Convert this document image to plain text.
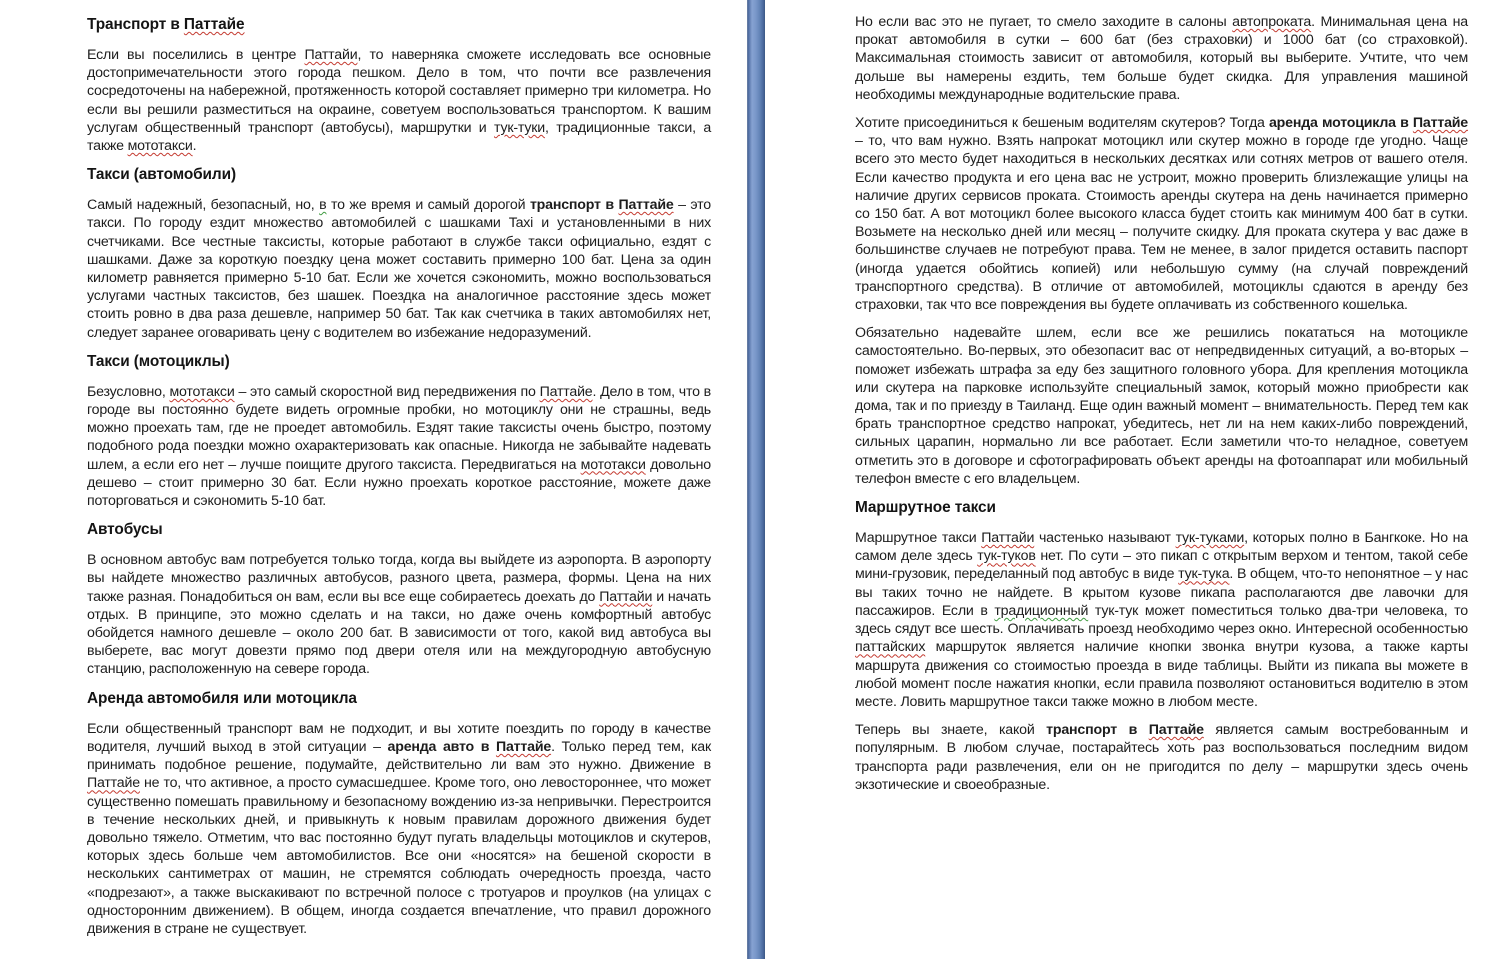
Транспорт в Паттайе

Если вы поселились в центре Паттайи, то наверняка сможете исследовать все основные достопримечательности этого города пешком. Дело в том, что почти все развлечения сосредоточены на набережной, протяженность которой составляет примерно три километра. Но если вы решили разместиться на окраине, советуем воспользоваться транспортом. К вашим услугам общественный транспорт (автобусы), маршрутки и тук-туки, традиционные такси, а также мототакси.

Такси (автомобили)

Самый надежный, безопасный, но, в то же время и самый дорогой транспорт в Паттайе – это такси. По городу ездит множество автомобилей с шашками Taxi и установленными в них счетчиками. Все честные таксисты, которые работают в службе такси официально, ездят с шашками. Даже за короткую поездку цена может составить примерно 100 бат. Цена за один километр равняется примерно 5-10 бат. Если же хочется сэкономить, можно воспользоваться услугами частных таксистов, без шашек. Поездка на аналогичное расстояние здесь может стоить ровно в два раза дешевле, например 50 бат. Так как счетчика в таких автомобилях нет, следует заранее оговаривать цену с водителем во избежание недоразумений.

Такси (мотоциклы)

Безусловно, мототакси – это самый скоростной вид передвижения по Паттайе. Дело в том, что в городе вы постоянно будете видеть огромные пробки, но мотоциклу они не страшны, ведь можно проехать там, где не проедет автомобиль. Ездят такие таксисты очень быстро, поэтому подобного рода поездки можно охарактеризовать как опасные. Никогда не забывайте надевать шлем, а если его нет – лучше поищите другого таксиста. Передвигаться на мототакси довольно дешево – стоит примерно 30 бат. Если нужно проехать короткое расстояние, можете даже поторговаться и сэкономить 5-10 бат.

Автобусы

В основном автобус вам потребуется только тогда, когда вы выйдете из аэропорта. В аэропорту вы найдете множество различных автобусов, разного цвета, размера, формы. Цена на них также разная. Понадобиться он вам, если вы все еще собираетесь доехать до Паттайи и начать отдых. В принципе, это можно сделать и на такси, но даже очень комфортный автобус обойдется намного дешевле – около 200 бат. В зависимости от того, какой вид автобуса вы выберете, вас могут довезти прямо под двери отеля или на междугородную автобусную станцию, расположенную на севере города.

Аренда автомобиля или мотоцикла

Если общественный транспорт вам не подходит, и вы хотите поездить по городу в качестве водителя, лучший выход в этой ситуации – аренда авто в Паттайе. Только перед тем, как принимать подобное решение, подумайте, действительно ли вам это нужно. Движение в Паттайе не то, что активное, а просто сумасшедшее. Кроме того, оно левостороннее, что может существенно помешать правильному и безопасному вождению из-за непривычки. Перестроится в течение нескольких дней, и привыкнуть к новым правилам дорожного движения будет довольно тяжело. Отметим, что вас постоянно будут пугать владельцы мотоциклов и скутеров, которых здесь больше чем автомобилистов. Все они «носятся» на бешеной скорости в нескольких сантиметрах от машин, не стремятся соблюдать очередность проезда, часто «подрезают», а также выскакивают по встречной полосе с тротуаров и проулков (на улицах с односторонним движением). В общем, иногда создается впечатление, что правил дорожного движения в стране не существует.

Но если вас это не пугает, то смело заходите в салоны автопроката. Минимальная цена на прокат автомобиля в сутки – 600 бат (без страховки) и 1000 бат (со страховкой). Максимальная стоимость зависит от автомобиля, который вы выберите. Учтите, что чем дольше вы намерены ездить, тем больше будет скидка. Для управления машиной необходимы международные водительские права.

Хотите присоединиться к бешеным водителям скутеров? Тогда аренда мотоцикла в Паттайе – то, что вам нужно. Взять напрокат мотоцикл или скутер можно в городе где угодно. Чаще всего это место будет находиться в нескольких десятках или сотнях метров от вашего отеля. Если качество продукта и его цена вас не устроит, можно проверить близлежащие улицы на наличие других сервисов проката. Стоимость аренды скутера на день начинается примерно со 150 бат. А вот мотоцикл более высокого класса будет стоить как минимум 400 бат в сутки. Возьмете на несколько дней или месяц – получите скидку. Для проката скутера у вас даже в большинстве случаев не потребуют права. Тем не менее, в залог придется оставить паспорт (иногда удается обойтись копией) или небольшую сумму (на случай повреждений транспортного средства). В отличие от автомобилей, мотоциклы сдаются в аренду без страховки, так что все повреждения вы будете оплачивать из собственного кошелька.

Обязательно надевайте шлем, если все же решились покататься на мотоцикле самостоятельно. Во-первых, это обезопасит вас от непредвиденных ситуаций, а во-вторых – поможет избежать штрафа за еду без защитного головного убора. Для крепления мотоцикла или скутера на парковке используйте специальный замок, который можно приобрести как дома, так и по приезду в Таиланд. Еще один важный момент – внимательность. Перед тем как брать транспортное средство напрокат, убедитесь, нет ли на нем каких-либо повреждений, сильных царапин, нормально ли все работает. Если заметили что-то неладное, советуем отметить это в договоре и сфотографировать объект аренды на фотоаппарат или мобильный телефон вместе с его владельцем.

Маршрутное такси

Маршрутное такси Паттайи частенько называют тук-туками, которых полно в Бангкоке. Но на самом деле здесь тук-туков нет. По сути – это пикап с открытым верхом и тентом, такой себе мини-грузовик, переделанный под автобус в виде тук-тука. В общем, что-то непонятное – у нас вы таких точно не найдете. В крытом кузове пикапа располагаются две лавочки для пассажиров. Если в традиционный тук-тук может поместиться только два-три человека, то здесь сядут все шесть. Оплачивать проезд необходимо через окно. Интересной особенностью паттайских маршруток является наличие кнопки звонка внутри кузова, а также карты маршрута движения со стоимостью проезда в виде таблицы. Выйти из пикапа вы можете в любой момент после нажатия кнопки, если правила позволяют остановиться водителю в этом месте. Ловить маршрутное такси также можно в любом месте.

Теперь вы знаете, какой транспорт в Паттайе является самым востребованным и популярным. В любом случае, постарайтесь хоть раз воспользоваться последним видом транспорта ради развлечения, ели он не пригодится по делу – маршрутки здесь очень экзотические и своеобразные.
